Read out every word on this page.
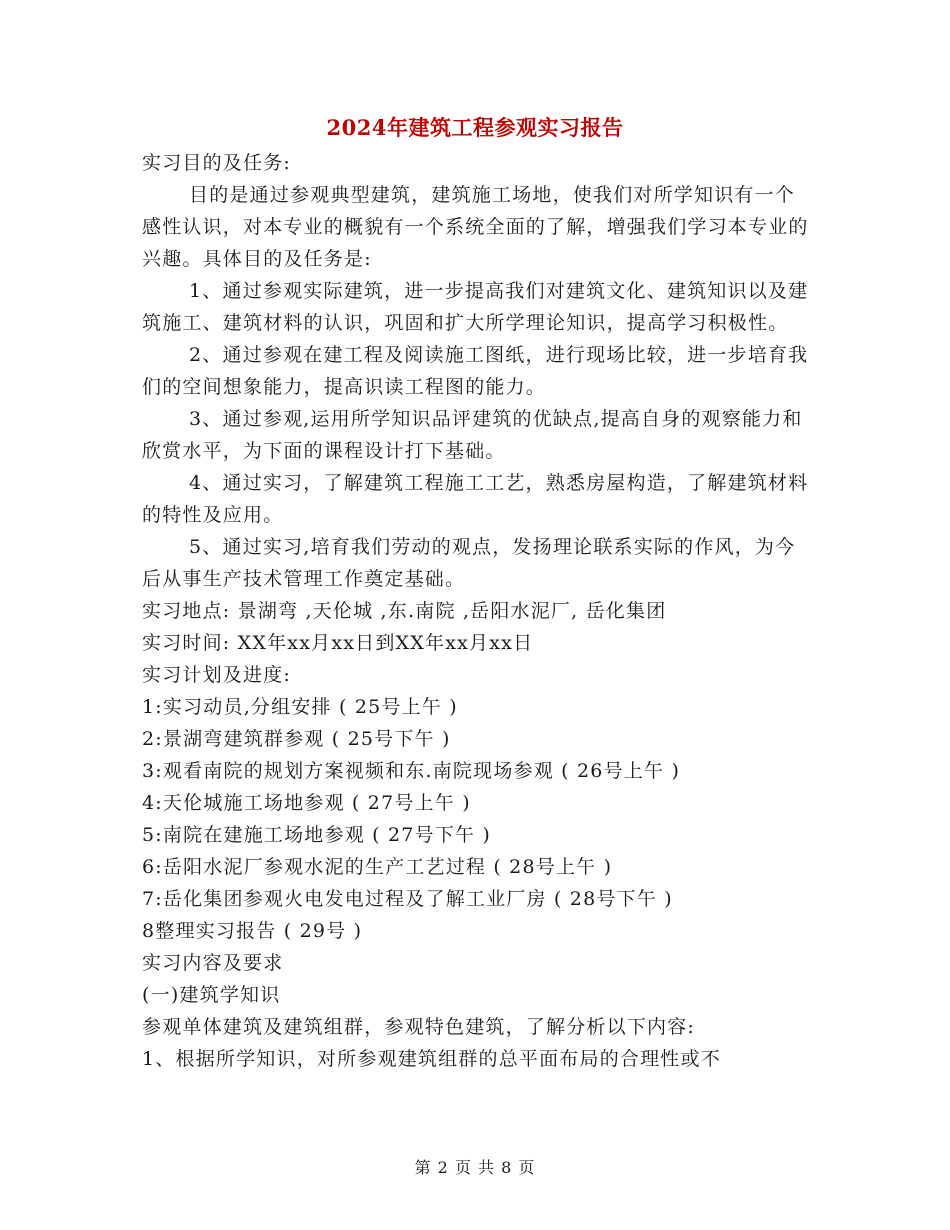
2024年建筑工程参观实习报告

实习目的及任务:

目的是通过参观典型建筑，建筑施工场地，使我们对所学知识有一个感性认识，对本专业的概貌有一个系统全面的了解，增强我们学习本专业的兴趣。具体目的及任务是:

1、通过参观实际建筑，进一步提高我们对建筑文化、建筑知识以及建筑施工、建筑材料的认识，巩固和扩大所学理论知识，提高学习积极性。

2、通过参观在建工程及阅读施工图纸，进行现场比较，进一步培育我们的空间想象能力，提高识读工程图的能力。

3、通过参观,运用所学知识品评建筑的优缺点,提高自身的观察能力和欣赏水平，为下面的课程设计打下基础。

4、通过实习，了解建筑工程施工工艺，熟悉房屋构造，了解建筑材料的特性及应用。

5、通过实习,培育我们劳动的观点，发扬理论联系实际的作风，为今后从事生产技术管理工作奠定基础。

实习地点: 景湖弯 ,天伦城 ,东.南院 ,岳阳水泥厂, 岳化集团

实习时间: XX年xx月xx日到XX年xx月xx日

实习计划及进度:

1:实习动员,分组安排 ( 25号上午 )

2:景湖弯建筑群参观 ( 25号下午 )

3:观看南院的规划方案视频和东.南院现场参观 ( 26号上午 )

4:天伦城施工场地参观 ( 27号上午 )

5:南院在建施工场地参观 ( 27号下午 )

6:岳阳水泥厂参观水泥的生产工艺过程 ( 28号上午 )

7:岳化集团参观火电发电过程及了解工业厂房 ( 28号下午 )

8整理实习报告 ( 29号 )

实习内容及要求

(一)建筑学知识

参观单体建筑及建筑组群，参观特色建筑，了解分析以下内容:

1、根据所学知识，对所参观建筑组群的总平面布局的合理性或不

第 2 页 共 8 页
